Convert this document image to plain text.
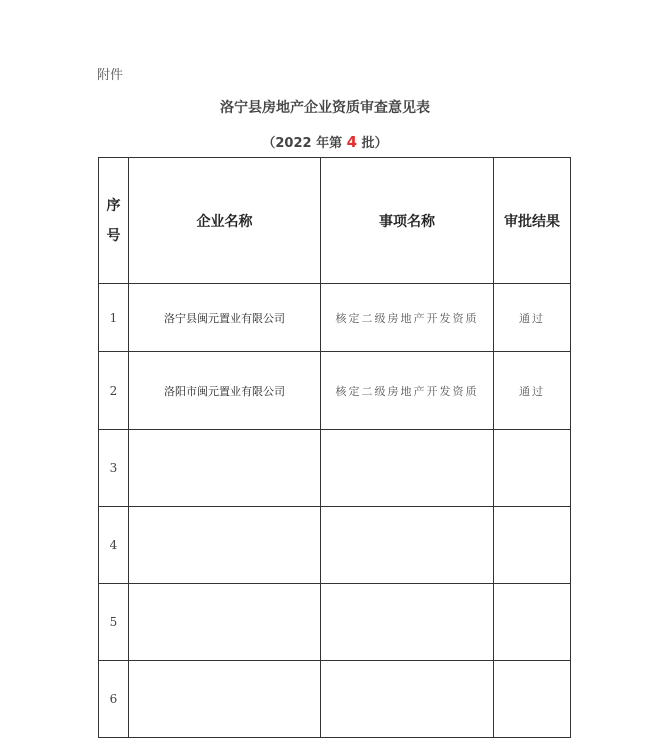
附件
洛宁县房地产企业资质审查意见表
（2022 年第 4 批）
序
号	企业名称	事项名称	审批结果
1	洛宁县闽元置业有限公司	核定二级房地产开发资质	通过
2	洛阳市闽元置业有限公司	核定二级房地产开发资质	通过
3			
4			
5			
6			
